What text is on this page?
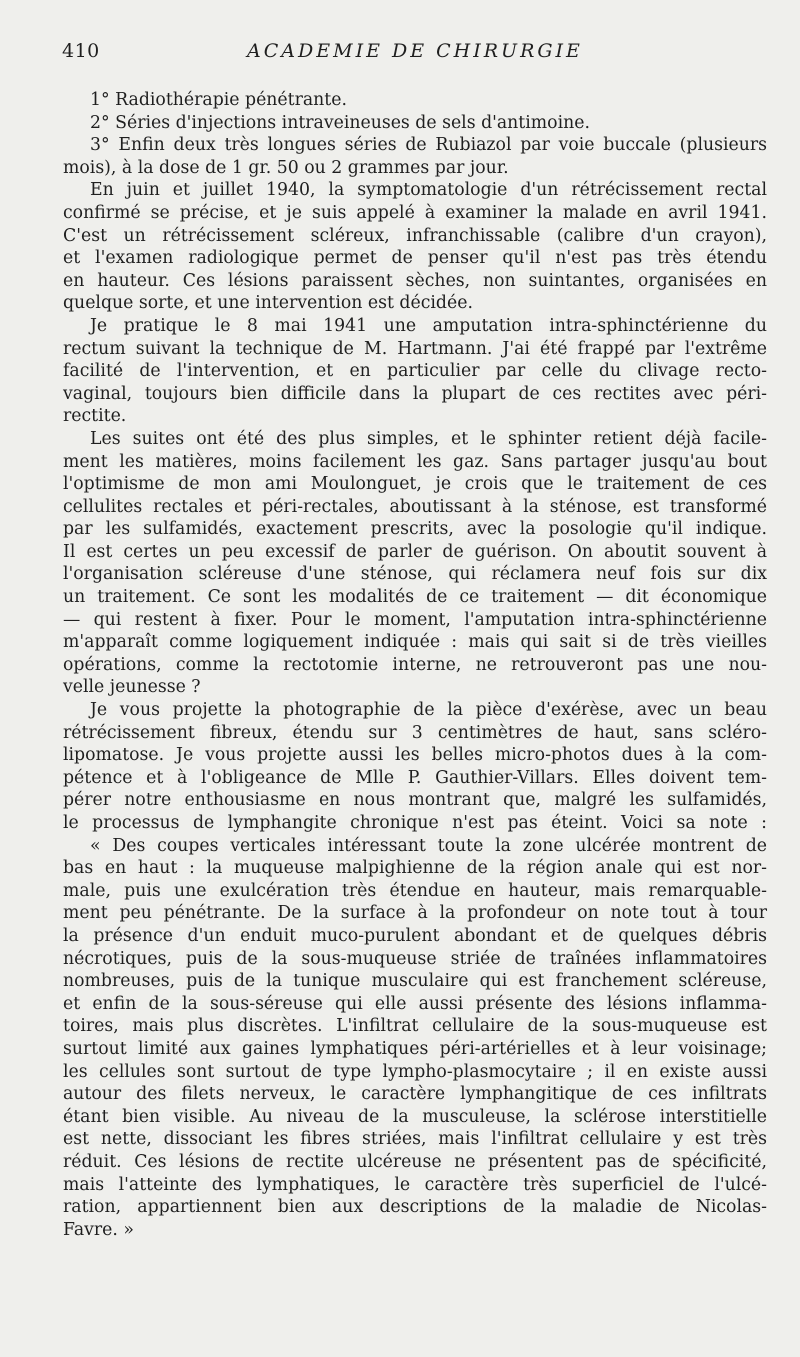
410	ACADEMIE DE CHIRURGIE
1° Radiothérapie pénétrante.
2° Séries d'injections intraveineuses de sels d'antimoine.
3° Enfin deux très longues séries de Rubiazol par voie buccale (plusieurs
mois), à la dose de 1 gr. 50 ou 2 grammes par jour.
En juin et juillet 1940, la symptomatologie d'un rétrécissement rectal
confirmé se précise, et je suis appelé à examiner la malade en avril 1941.
C'est un rétrécissement scléreux, infranchissable (calibre d'un crayon),
et l'examen radiologique permet de penser qu'il n'est pas très étendu
en hauteur. Ces lésions paraissent sèches, non suintantes, organisées en
quelque sorte, et une intervention est décidée.
Je pratique le 8 mai 1941 une amputation intra-sphinctérienne du
rectum suivant la technique de M. Hartmann. J'ai été frappé par l'extrême
facilité de l'intervention, et en particulier par celle du clivage recto-
vaginal, toujours bien difficile dans la plupart de ces rectites avec péri-
rectite.
Les suites ont été des plus simples, et le sphinter retient déjà facile-
ment les matières, moins facilement les gaz. Sans partager jusqu'au bout
l'optimisme de mon ami Moulonguet, je crois que le traitement de ces
cellulites rectales et péri-rectales, aboutissant à la sténose, est transformé
par les sulfamidés, exactement prescrits, avec la posologie qu'il indique.
Il est certes un peu excessif de parler de guérison. On aboutit souvent à
l'organisation scléreuse d'une sténose, qui réclamera neuf fois sur dix
un traitement. Ce sont les modalités de ce traitement — dit économique
— qui restent à fixer. Pour le moment, l'amputation intra-sphinctérienne
m'apparaît comme logiquement indiquée : mais qui sait si de très vieilles
opérations, comme la rectotomie interne, ne retrouveront pas une nou-
velle jeunesse ?
Je vous projette la photographie de la pièce d'exérèse, avec un beau
rétrécissement fibreux, étendu sur 3 centimètres de haut, sans scléro-
lipomatose. Je vous projette aussi les belles micro-photos dues à la com-
pétence et à l'obligeance de Mlle P. Gauthier-Villars. Elles doivent tem-
pérer notre enthousiasme en nous montrant que, malgré les sulfamidés,
le processus de lymphangite chronique n'est pas éteint. Voici sa note :
« Des coupes verticales intéressant toute la zone ulcérée montrent de
bas en haut : la muqueuse malpighienne de la région anale qui est nor-
male, puis une exulcération très étendue en hauteur, mais remarquable-
ment peu pénétrante. De la surface à la profondeur on note tout à tour
la présence d'un enduit muco-purulent abondant et de quelques débris
nécrotiques, puis de la sous-muqueuse striée de traînées inflammatoires
nombreuses, puis de la tunique musculaire qui est franchement scléreuse,
et enfin de la sous-séreuse qui elle aussi présente des lésions inflamma-
toires, mais plus discrètes. L'infiltrat cellulaire de la sous-muqueuse est
surtout limité aux gaines lymphatiques péri-artérielles et à leur voisinage;
les cellules sont surtout de type lympho-plasmocytaire ; il en existe aussi
autour des filets nerveux, le caractère lymphangitique de ces infiltrats
étant bien visible. Au niveau de la musculeuse, la sclérose interstitielle
est nette, dissociant les fibres striées, mais l'infiltrat cellulaire y est très
réduit. Ces lésions de rectite ulcéreuse ne présentent pas de spécificité,
mais l'atteinte des lymphatiques, le caractère très superficiel de l'ulcé-
ration, appartiennent bien aux descriptions de la maladie de Nicolas-
Favre. »
